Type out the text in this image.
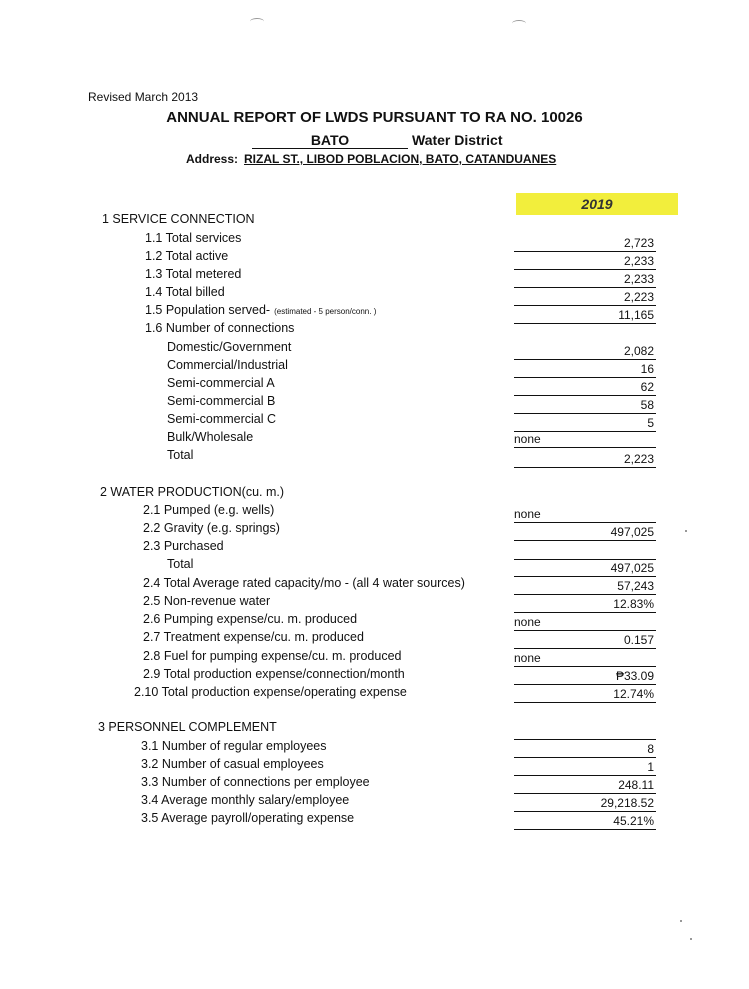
Revised March 2013
ANNUAL REPORT OF LWDS PURSUANT TO RA NO. 10026
BATO	Water District
Address: RIZAL ST., LIBOD POBLACION, BATO, CATANDUANES
2019
1 SERVICE CONNECTION
1.1 Total services	2,723
1.2 Total active	2,233
1.3 Total metered	2,233
1.4 Total billed	2,223
1.5 Population served- (estimated - 5 person/conn. )	11,165
1.6 Number of connections
Domestic/Government	2,082
Commercial/Industrial	16
Semi-commercial A	62
Semi-commercial B	58
Semi-commercial C	5
Bulk/Wholesale	none
Total	2,223
2 WATER PRODUCTION(cu. m.)
2.1 Pumped (e.g. wells)	none
2.2 Gravity (e.g. springs)	497,025
2.3 Purchased
Total	497,025
2.4 Total Average rated capacity/mo - (all 4 water sources)	57,243
2.5 Non-revenue water	12.83%
2.6 Pumping expense/cu. m. produced	none
2.7 Treatment expense/cu. m. produced	0.157
2.8 Fuel for pumping expense/cu. m. produced	none
2.9 Total production expense/connection/month	₱33.09
2.10 Total production expense/operating expense	12.74%
3 PERSONNEL COMPLEMENT
3.1 Number of regular employees	8
3.2 Number of casual employees	1
3.3 Number of connections per employee	248.11
3.4 Average monthly salary/employee	29,218.52
3.5 Average payroll/operating expense	45.21%
